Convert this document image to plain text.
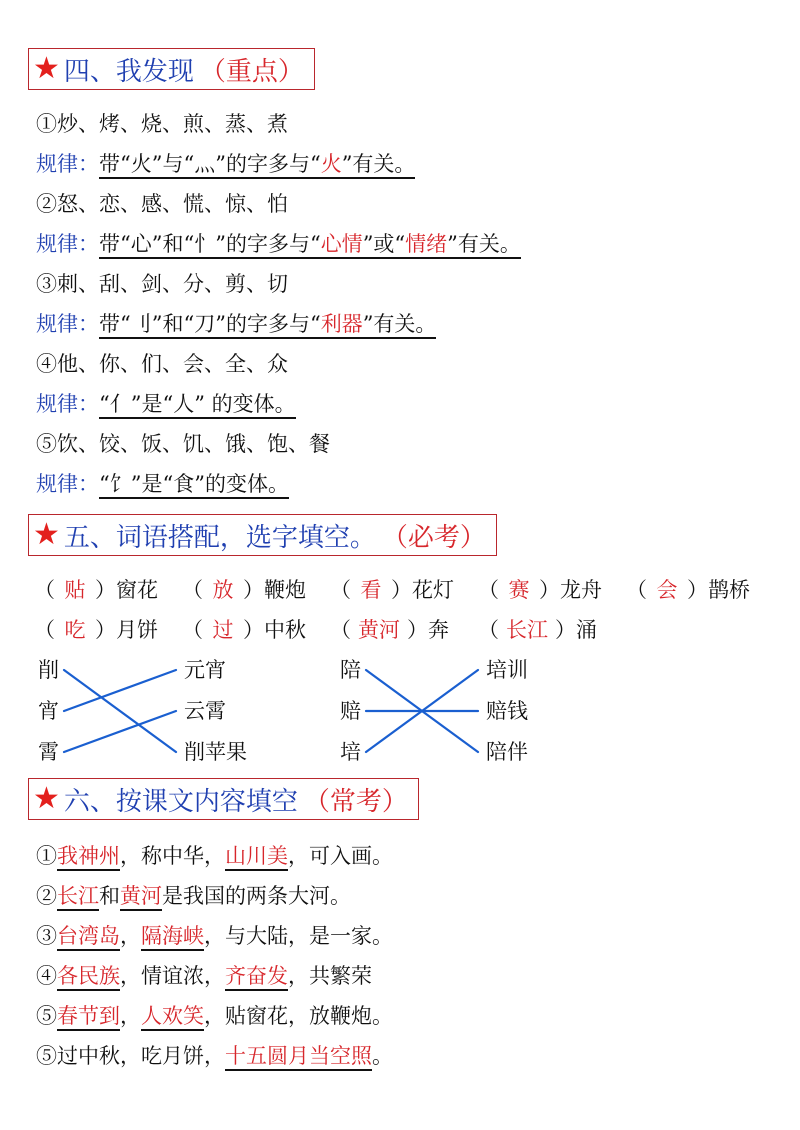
★ 四、我发现 （重点）
①炒、烤、烧、煎、蒸、煮
规律：带“火”与“灬”的字多与“火”有关。
②怒、恋、感、慌、惊、怕
规律：带“心”和“忄”的字多与“心情”或“情绪”有关。
③刺、刮、剑、分、剪、切
规律：带“刂”和“刀”的字多与“利器”有关。
④他、你、们、会、全、众
规律：“亻”是“人” 的变体。
⑤饮、饺、饭、饥、饿、饱、餐
规律：“饣”是“食”的变体。
★ 五、词语搭配，选字填空。 （必考）
（ 贴 ）窗花 （ 放 ）鞭炮 （ 看 ）花灯 （ 赛 ）龙舟 （ 会 ）鹊桥
（ 吃 ）月饼 （ 过 ）中秋 （ 黄河 ）奔 （ 长江 ）涌
削
宵
霄
元宵
云霄
削苹果
陪
赔
培
培训
赔钱
陪伴
★ 六、按课文内容填空 （常考）
①我神州，称中华，山川美，可入画。
②长江和黄河是我国的两条大河。
③台湾岛，隔海峡，与大陆，是一家。
④各民族，情谊浓，齐奋发，共繁荣
⑤春节到，人欢笑，贴窗花，放鞭炮。
⑤过中秋，吃月饼，十五圆月当空照。
